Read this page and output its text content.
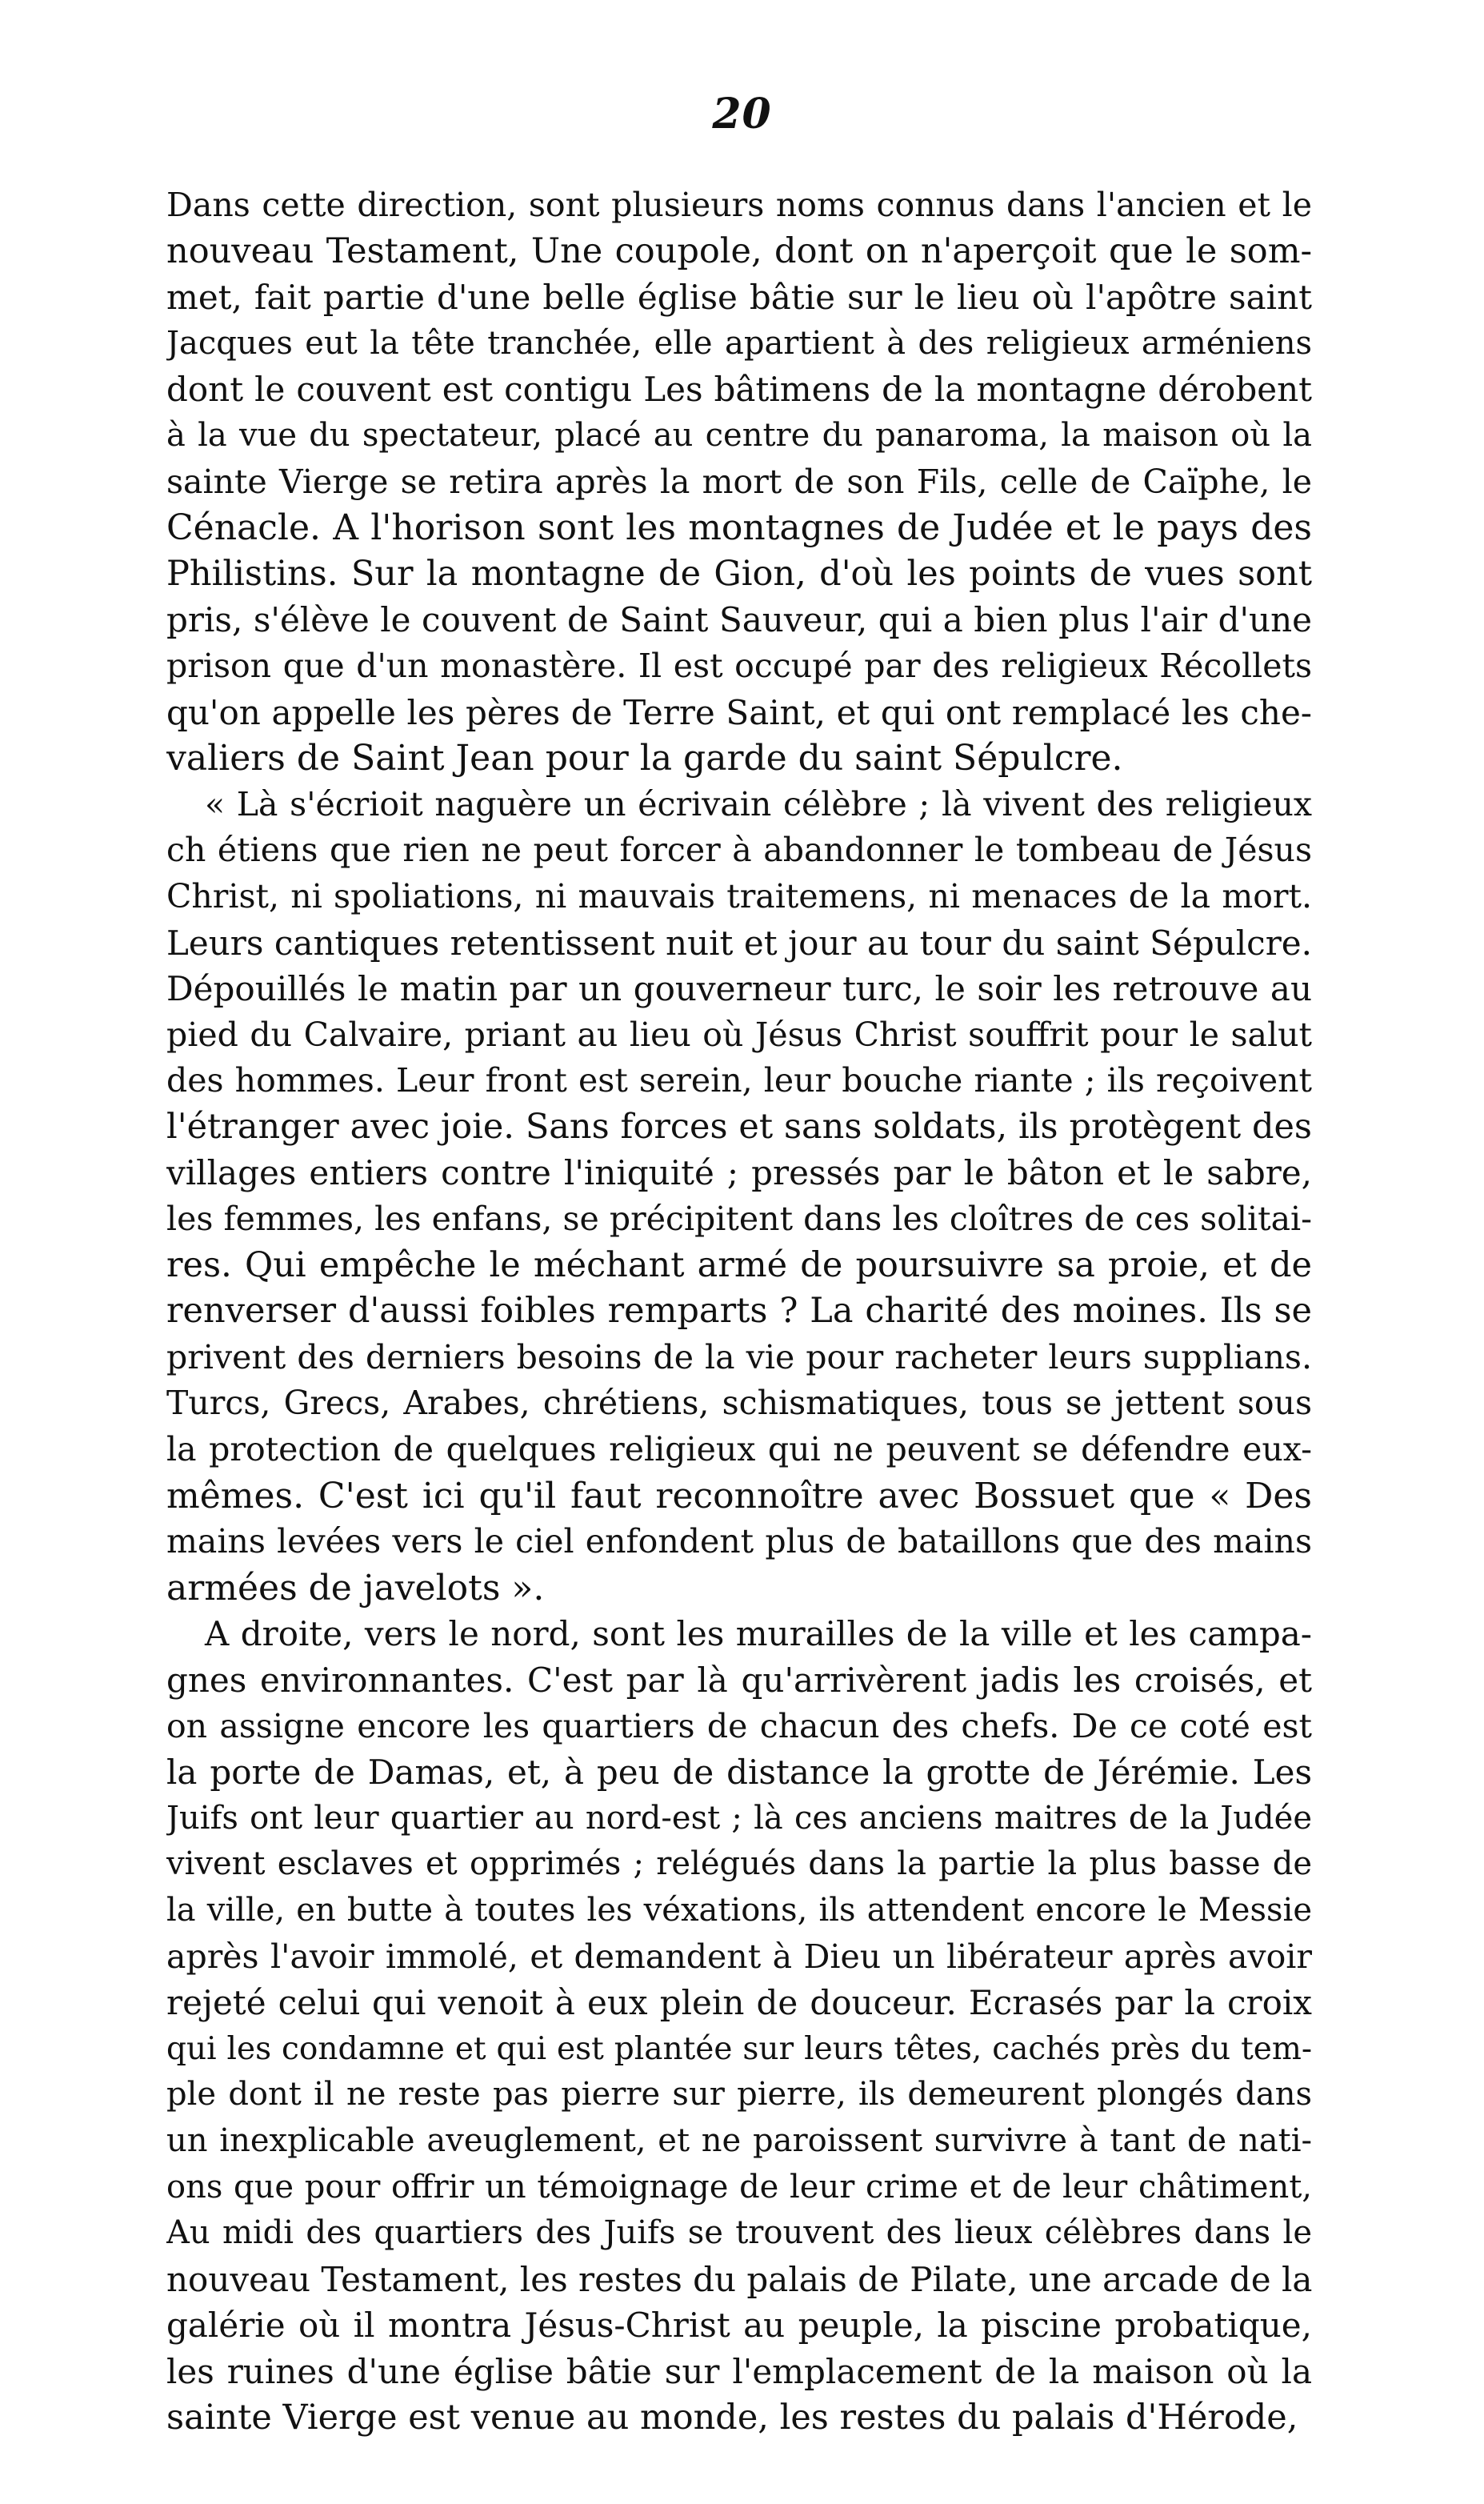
20
Dans cette direction, sont plusieurs noms connus dans l'ancien et le
nouveau Testament, Une coupole, dont on n'aperçoit que le som-
met, fait partie d'une belle église bâtie sur le lieu où l'apôtre saint
Jacques eut la tête tranchée, elle apartient à des religieux arméniens
dont le couvent est contigu Les bâtimens de la montagne dérobent
à la vue du spectateur, placé au centre du panaroma, la maison où la
sainte Vierge se retira après la mort de son Fils, celle de Caïphe, le
Cénacle. A l'horison sont les montagnes de Judée et le pays des
Philistins. Sur la montagne de Gion, d'où les points de vues sont
pris, s'élève le couvent de Saint Sauveur, qui a bien plus l'air d'une
prison que d'un monastère. Il est occupé par des religieux Récollets
qu'on appelle les pères de Terre Saint, et qui ont remplacé les che-
valiers de Saint Jean pour la garde du saint Sépulcre.
« Là s'écrioit naguère un écrivain célèbre ; là vivent des religieux
ch étiens que rien ne peut forcer à abandonner le tombeau de Jésus
Christ, ni spoliations, ni mauvais traitemens, ni menaces de la mort.
Leurs cantiques retentissent nuit et jour au tour du saint Sépulcre.
Dépouillés le matin par un gouverneur turc, le soir les retrouve au
pied du Calvaire, priant au lieu où Jésus Christ souffrit pour le salut
des hommes. Leur front est serein, leur bouche riante ; ils reçoivent
l'étranger avec joie. Sans forces et sans soldats, ils protègent des
villages entiers contre l'iniquité ; pressés par le bâton et le sabre,
les femmes, les enfans, se précipitent dans les cloîtres de ces solitai-
res. Qui empêche le méchant armé de poursuivre sa proie, et de
renverser d'aussi foibles remparts ? La charité des moines. Ils se
privent des derniers besoins de la vie pour racheter leurs supplians.
Turcs, Grecs, Arabes, chrétiens, schismatiques, tous se jettent sous
la protection de quelques religieux qui ne peuvent se défendre eux-
mêmes. C'est ici qu'il faut reconnoître avec Bossuet que « Des
mains levées vers le ciel enfondent plus de bataillons que des mains
armées de javelots ».
A droite, vers le nord, sont les murailles de la ville et les campa-
gnes environnantes. C'est par là qu'arrivèrent jadis les croisés, et
on assigne encore les quartiers de chacun des chefs. De ce coté est
la porte de Damas, et, à peu de distance la grotte de Jérémie. Les
Juifs ont leur quartier au nord-est ; là ces anciens maitres de la Judée
vivent esclaves et opprimés ; relégués dans la partie la plus basse de
la ville, en butte à toutes les véxations, ils attendent encore le Messie
après l'avoir immolé, et demandent à Dieu un libérateur après avoir
rejeté celui qui venoit à eux plein de douceur. Ecrasés par la croix
qui les condamne et qui est plantée sur leurs têtes, cachés près du tem-
ple dont il ne reste pas pierre sur pierre, ils demeurent plongés dans
un inexplicable aveuglement, et ne paroissent survivre à tant de nati-
ons que pour offrir un témoignage de leur crime et de leur châtiment,
Au midi des quartiers des Juifs se trouvent des lieux célèbres dans le
nouveau Testament, les restes du palais de Pilate, une arcade de la
galérie où il montra Jésus-Christ au peuple, la piscine probatique,
les ruines d'une église bâtie sur l'emplacement de la maison où la
sainte Vierge est venue au monde, les restes du palais d'Hérode,
